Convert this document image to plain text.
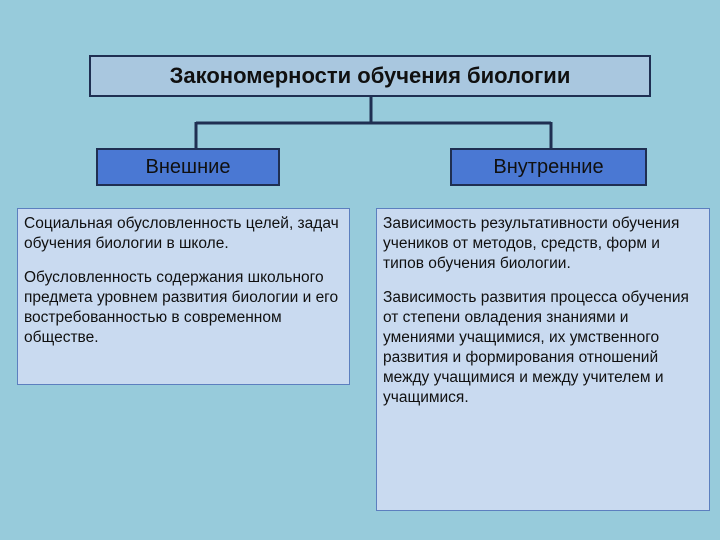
Закономерности обучения биологии
Внешние	Внутренние

Социальная обусловленность целей, задач обучения биологии в школе.

Обусловленность содержания школьного предмета уровнем развития биологии и его востребованностью в современном обществе.

Зависимость результативности обучения учеников от методов, средств, форм и типов обучения биологии.

Зависимость развития процесса обучения от степени овладения знаниями и умениями учащимися, их умственного развития и формирования отношений между учащимися и между учителем и учащимися.
